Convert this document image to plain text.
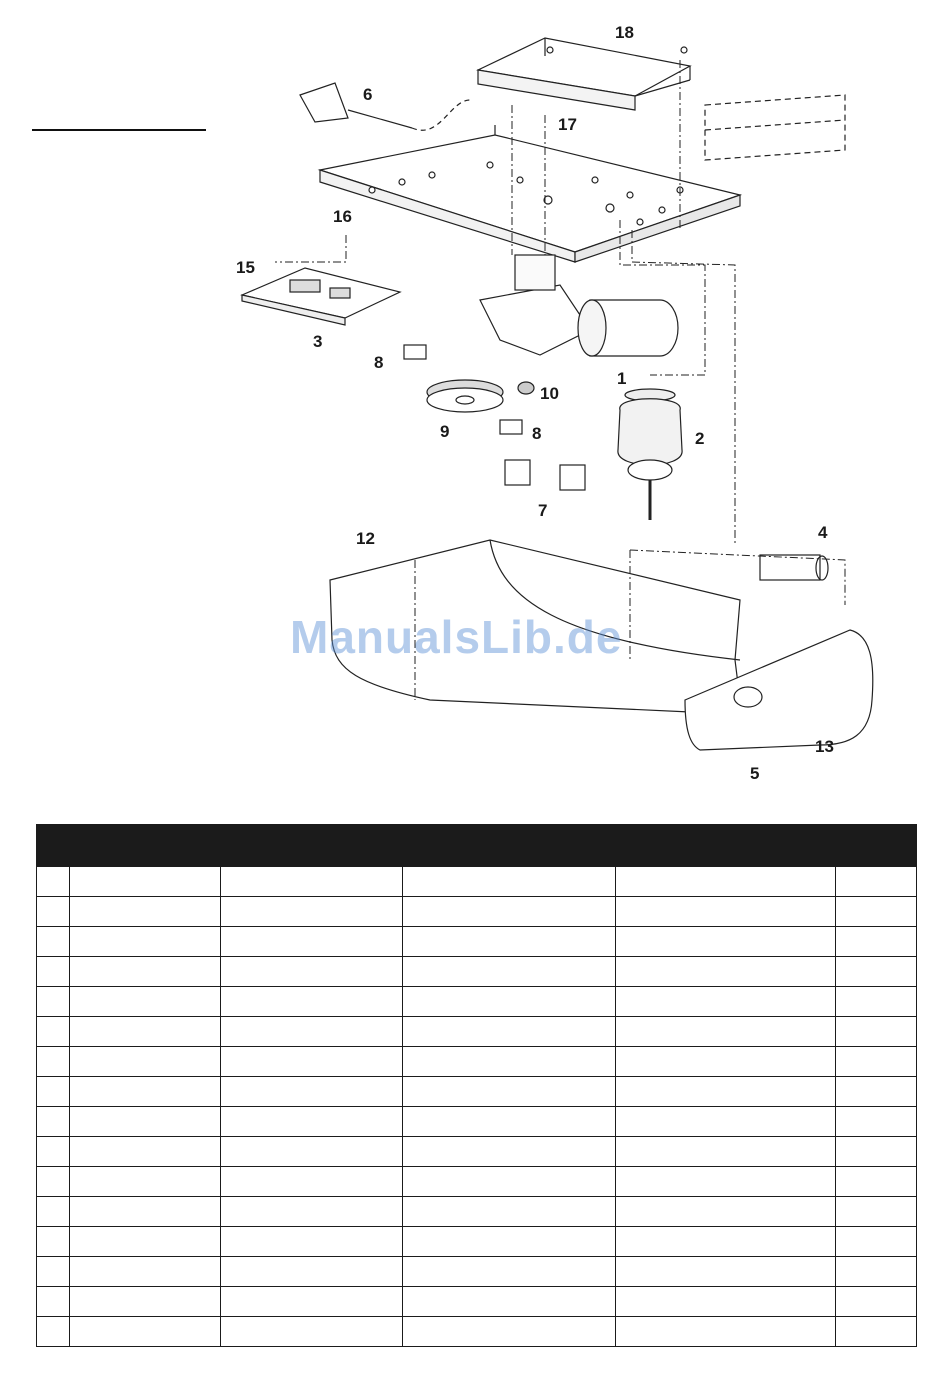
18
6
17
16
15
3
8
1
10
9	8	2
7
12	4
13
5
ManualsLib.de
